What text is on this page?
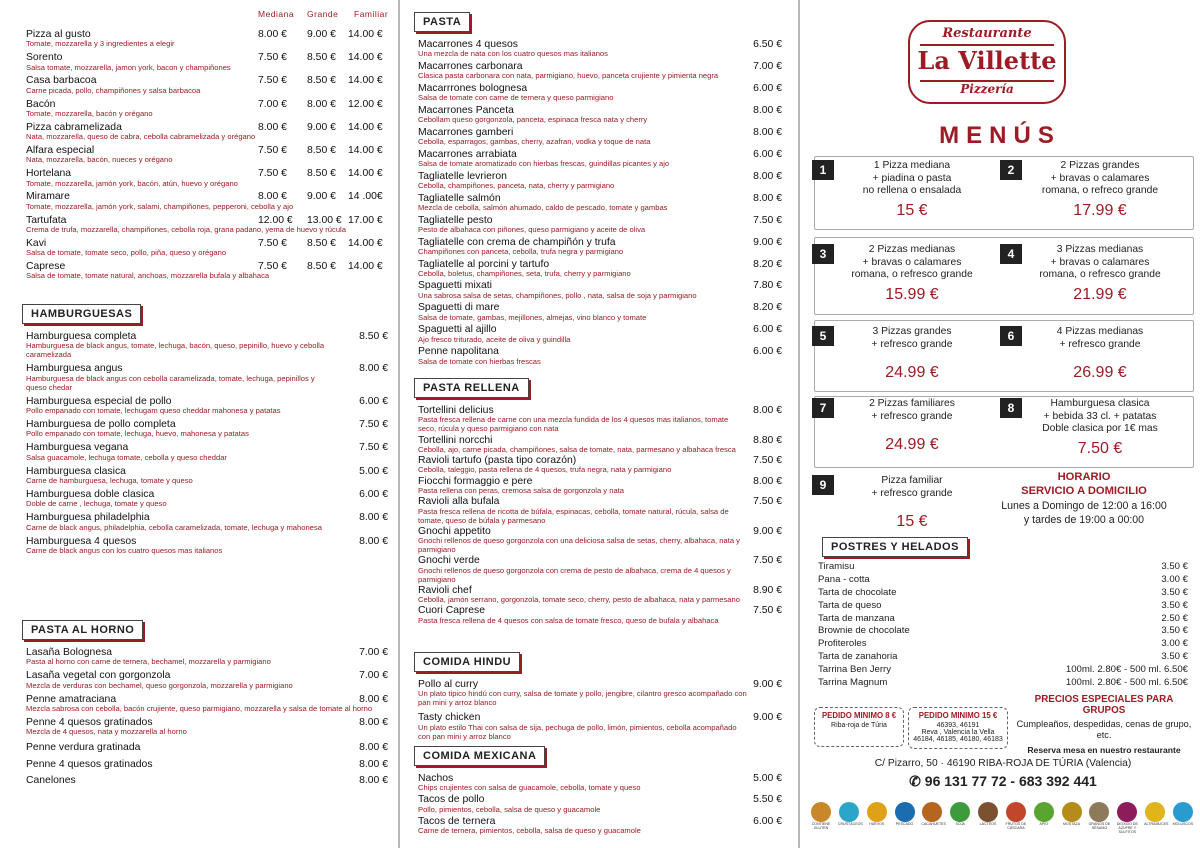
Mediana Grande Familiar
Pizza al gusto
Tomate, mozzarella y 3 ingredientes a elegir
8.00 € 9.00 € 14.00 €
Sorento
Salsa tomate, mozzarella, jamon york, bacon y champiñones
7.50 € 8.50 € 14.00 €
Casa barbacoa
Carne picada, pollo, champiñones y salsa barbacoa
7.50 € 8.50 € 14.00 €
Bacón
Tomate, mozzarella, bacón y orégano
7.00 € 8.00 € 12.00 €
Pizza cabramelizada
Nata, mozzarella, queso de cabra, cebolla cabramelizada y orégano
8.00 € 9.00 € 14.00 €
Alfara especial
Nata, mozzarella, bacón, nueces y orégano
7.50 € 8.50 € 14.00 €
Hortelana
Tomate, mozzarella, jamón york, bacón, atún, huevo y orégano
7.50 € 8.50 € 14.00 €
Miramare
Tomate, mozzarella, jamón york, salami, champiñones, pepperoni, cebolla y ajo
8.00 € 9.00 € 14 .00€
Tartufata
Crema de trufa, mozzarella, champiñones, cebolla roja, grana padano, yema de huevo y rúcula
12.00 € 13.00 € 17.00 €
Kavi
Salsa de tomate, tomate seco, pollo, piña, queso y orégano
7.50 € 8.50 € 14.00 €
Caprese
Salsa de tomate, tomate natural, anchoas, mozzarella bufala y albahaca
7.50 € 8.50 € 14.00 €
HAMBURGUESAS
Hamburguesa completa
Hamburguesa de black angus, tomate, lechuga, bacón, queso, pepinillo, huevo y cebolla caramelizada
8.50 €
Hamburguesa angus
Hamburguesa de black angus con cebolla caramelizada, tomate, lechuga, pepinillos y queso chedar
8.00 €
Hamburguesa especial de pollo
Pollo empanado con tomate, lechugam queso cheddar mahonesa y patatas
6.00 €
Hamburguesa de pollo completa
Pollo empanado con tomate, lechuga, huevo, mahonesa y patatas
7.50 €
Hamburguesa vegana
Salsa guacamole, lechuga tomate, cebolla y queso cheddar
7.50 €
Hamburguesa clasica
Carne de hamburguesa, lechuga, tomate y queso
5.00 €
Hamburguesa doble clasica
Doble de carne , lechuga, tomate y queso
6.00 €
Hamburguesa philadelphia
Carne de black angus, philadelphia, cebolla caramelizada, tomate, lechuga y mahonesa
8.00 €
Hamburguesa 4 quesos
Carne de black angus con los cuatro quesos mas italianos
8.00 €
PASTA AL HORNO
Lasaña Bolognesa
Pasta al horno con carne de ternera, bechamel, mozzarella y parmigiano
7.00 €
Lasaña vegetal con gorgonzola
Mezcla de verduras con bechamel, queso gorgonzola, mozzarella y parmigiano
7.00 €
Penne amatraciana
Mezcla sabrosa con cebolla, bacón crujiente, queso parmigiano, mozzarella y salsa de tomate al horno
8.00 €
Penne 4 quesos gratinados
Mezcla de 4 quesos, nata y mozzarella al horno
8.00 €
Penne verdura gratinada	8.00 €
Penne 4 quesos gratinados	8.00 €
Canelones	8.00 €
PASTA
Macarrones 4 quesos
Una mezcla de nata con los cuatro quesos mas italianos
6.50 €
Macarrones carbonara
Clasica pasta carbonara con nata, parmigiano, huevo, panceta crujiente y pimienta negra
7.00 €
Macarrrones bolognesa
Salsa de tomate con carne de ternera y queso parmigiano
6.00 €
Macarrones Panceta
Cebollam queso gorgonzola, panceta, espinaca fresca nata y cherry
8.00 €
Macarrones gamberi
Cebolla, esparragos, gambas, cherry, azafran, vodka y toque de nata
8.00 €
Macarrones arrabiata
Salsa de tomate aromatizado con hierbas frescas, guindillas picantes y ajo
6.00 €
Tagliatelle levrieron
Cebolla, champiñones, panceta, nata, cherry y parmigiano
8.00 €
Tagliatelle salmón
Mezcla de cebolla, salmón ahumado, caldo de pescado, tomate y gambas
8.00 €
Tagliatelle pesto
Pesto de albahaca con piñones, queso parmigiano y aceite de oliva
7.50 €
Tagliatelle con crema de champiñón y trufa
Champiñones con panceta, cebolla, trufa negra y parmigiano
9.00 €
Tagliatelle al porcini y tartufo
Cebolla, boletus, champiñones, seta, trufa, cherry y parmigiano
8.20 €
Spaguetti mixati
Una sabrosa salsa de setas, champiñones, pollo , nata, salsa de soja y parmigiano
7.80 €
Spaguetti di mare
Salsa de tomate, gambas, mejillones, almejas, vino blanco y tomate
8.20 €
Spaguetti al ajillo
Ajo fresco triturado, aceite de oliva y guindilla
6.00 €
Penne napolitana
Salsa de tomate con hierbas frescas
6.00 €
PASTA RELLENA
Tortellini delicius
Pasta fresca rellena de carne con una mezcla fundida de los 4 quesos mas italianos, tomate seco, rúcula y queso parmigiano con nata
8.00 €
Tortellini norcchi
Cebolla, ajo, carne picada, champiñones, salsa de tomate, nata, parmesano y albahaca fresca
8.80 €
Ravioli tartufo (pasta tipo corazón)
Cebolla, taleggio, pasta rellena de 4 quesos, trufa negra, nata y parmigiano
7.50 €
Fiocchi formaggio e pere
Pasta rellena con peras, cremosa salsa de gorgonzola y nata
8.00 €
Ravioli alla bufala
Pasta fresca rellena de ricotta de búfala, espinacas, cebolla, tomate natural, rúcula, salsa de tomate, queso de búfala y parmesano
7.50 €
Gnochi appetito
Gnochi rellenos de queso gorgonzola con una deliciosa salsa de setas, cherry, albahaca, nata y parmigiano
9.00 €
Gnochi verde
Gnochi rellenos de queso gorgonzola con crema de pesto de albahaca, crema de 4 quesos y parmigiano
7.50 €
Ravioli chef
Cebolla, jamón serrano, gorgonzola, tomate seco, cherry, pesto de albahaca, nata y parmesano
8.90 €
Cuori Caprese
Pasta fresca rellena de 4 quesos con salsa de tomate fresco, queso de bufala y albahaca
7.50 €
COMIDA HINDU
Pollo al curry
Un plato tipico hindú con curry, salsa de tomate y pollo, jengibre, cilantro gresco acompañado con pan mini y arroz blanco
9.00 €
Tasty chicken
Un plato estilo Thai con salsa de sija, pechuga de pollo, limón, pimientos, cebolla acompañado con pan mini y arroz blanco
9.00 €
COMIDA MEXICANA
Nachos
Chips crujientes con salsa de guacamole, cebolla, tomate y queso
5.00 €
Tacos de pollo
Pollo, pimientos, cebolla, salsa de queso y guacamole
5.50 €
Tacos de ternera
Carne de ternera, pimientos, cebolla, salsa de queso y guacamole
6.00 €
Restaurante
La Villette
Pizzería
MENÚS
1	1 Pizza mediana
+ piadina o pasta
no rellena o ensalada
15 €
2	2 Pizzas grandes
+ bravas o calamares
romana, o refreco grande
17.99 €
3	2 Pizzas medianas
+ bravas o calamares
romana, o refresco grande
15.99 €
4	3 Pizzas medianas
+ bravas o calamares
romana, o refresco grande
21.99 €
5	3 Pizzas grandes
+ refresco grande
24.99 €
6	4 Pizzas medianas
+ refresco grande
26.99 €
7	2 Pizzas familiares
+ refresco grande
24.99 €
8	Hamburguesa clasica
+ bebida 33 cl. + patatas
Doble clasica por 1€ mas
7.50 €
9	Pizza familiar
+ refresco grande
15 €
HORARIO
SERVICIO A DOMICILIO
Lunes a Domingo de 12:00 a 16:00
y tardes de 19:00 a 00:00
POSTRES Y HELADOS
Tiramisu	3.50 €
Pana - cotta	3.00 €
Tarta de chocolate	3.50 €
Tarta de queso	3.50 €
Tarta de manzana	2.50 €
Brownie de chocolate	3.50 €
Profiteroles	3.00 €
Tarta de zanahoria	3.50 €
Tarrina Ben Jerry	100ml. 2.80€ - 500 ml. 6.50€
Tarrina Magnum	100ml. 2.80€ - 500 ml. 6.50€
PEDIDO MINIMO 8 €
Riba-roja de Túria
PEDIDO MINIMO 15 €
46393, 46191
Reva , Valencia la Vella
46184, 46185, 46180, 46183
PRECIOS ESPECIALES PARA GRUPOS
Cumpleaños, despedidas, cenas de grupo, etc.
Reserva mesa en nuestro restaurante
C/ Pizarro, 50 · 46190 RIBA-ROJA DE TÚRIA (Valencia)
✆ 96 131 77 72 - 683 392 441
CONTIENE GLUTEN
CRUSTÁCEOS	HUEVOS	PESCADO	CACAHUETES	SOJA	LÁCTEOS	FRUTOS DE CÁSCARA
APIO	MOSTAZA	GRANOS DE SÉSAMO
DIÓXIDO DE AZUFRE Y SULFITOS
ALTRAMUCES MOLUSCOS
